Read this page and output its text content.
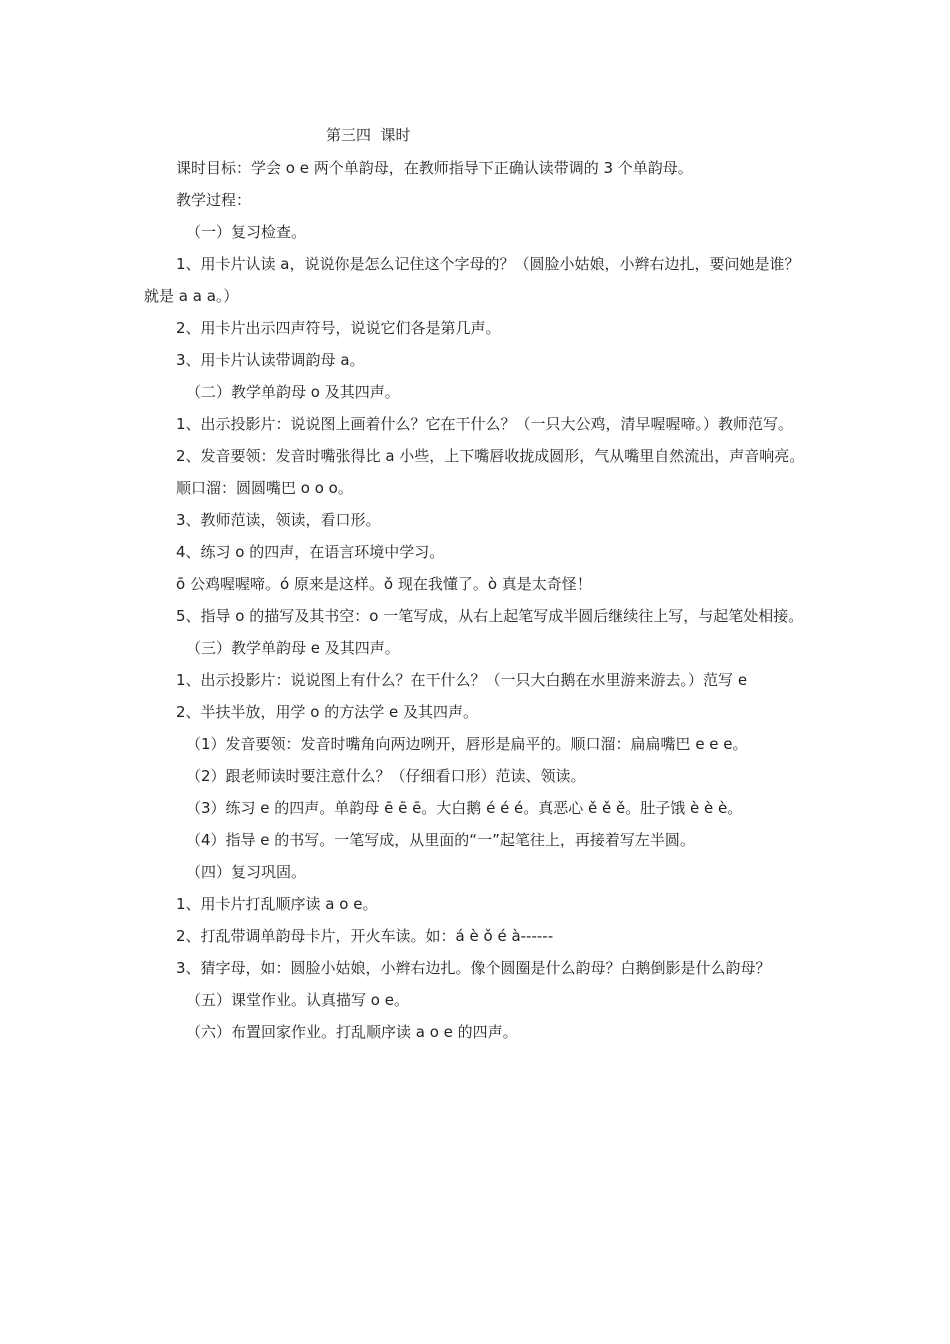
第三四  课时

课时目标：学会 o e 两个单韵母，在教师指导下正确认读带调的 3 个单韵母。

教学过程：

（一）复习检查。

1、用卡片认读 a，说说你是怎么记住这个字母的？（圆脸小姑娘，小辫右边扎，要问她是谁？就是 a a a。）

2、用卡片出示四声符号，说说它们各是第几声。

3、用卡片认读带调韵母 a。

（二）教学单韵母 o 及其四声。

1、出示投影片：说说图上画着什么？它在干什么？（一只大公鸡，清早喔喔啼。）教师范写。

2、发音要领：发音时嘴张得比 a 小些，上下嘴唇收拢成圆形，气从嘴里自然流出，声音响亮。

顺口溜：圆圆嘴巴 o o o。

3、教师范读，领读，看口形。

4、练习 o 的四声，在语言环境中学习。

ō 公鸡喔喔啼。ó 原来是这样。ǒ 现在我懂了。ò 真是太奇怪！

5、指导 o 的描写及其书空：o 一笔写成，从右上起笔写成半圆后继续往上写，与起笔处相接。

（三）教学单韵母 e 及其四声。

1、出示投影片：说说图上有什么？在干什么？（一只大白鹅在水里游来游去。）范写 e

2、半扶半放，用学 o 的方法学 e 及其四声。

（1）发音要领：发音时嘴角向两边咧开，唇形是扁平的。顺口溜：扁扁嘴巴 e e e。

（2）跟老师读时要注意什么？（仔细看口形）范读、领读。

（3）练习 e 的四声。单韵母 ē ē ē。大白鹅 é é é。真恶心 ě ě ě。肚子饿 è è è。

（4）指导 e 的书写。一笔写成，从里面的“一”起笔往上，再接着写左半圆。

（四）复习巩固。

1、用卡片打乱顺序读 a o e。

2、打乱带调单韵母卡片，开火车读。如：á è ǒ é à------

3、猜字母，如：圆脸小姑娘，小辫右边扎。像个圆圈是什么韵母？白鹅倒影是什么韵母？

（五）课堂作业。认真描写 o e。

（六）布置回家作业。打乱顺序读 a o e 的四声。
